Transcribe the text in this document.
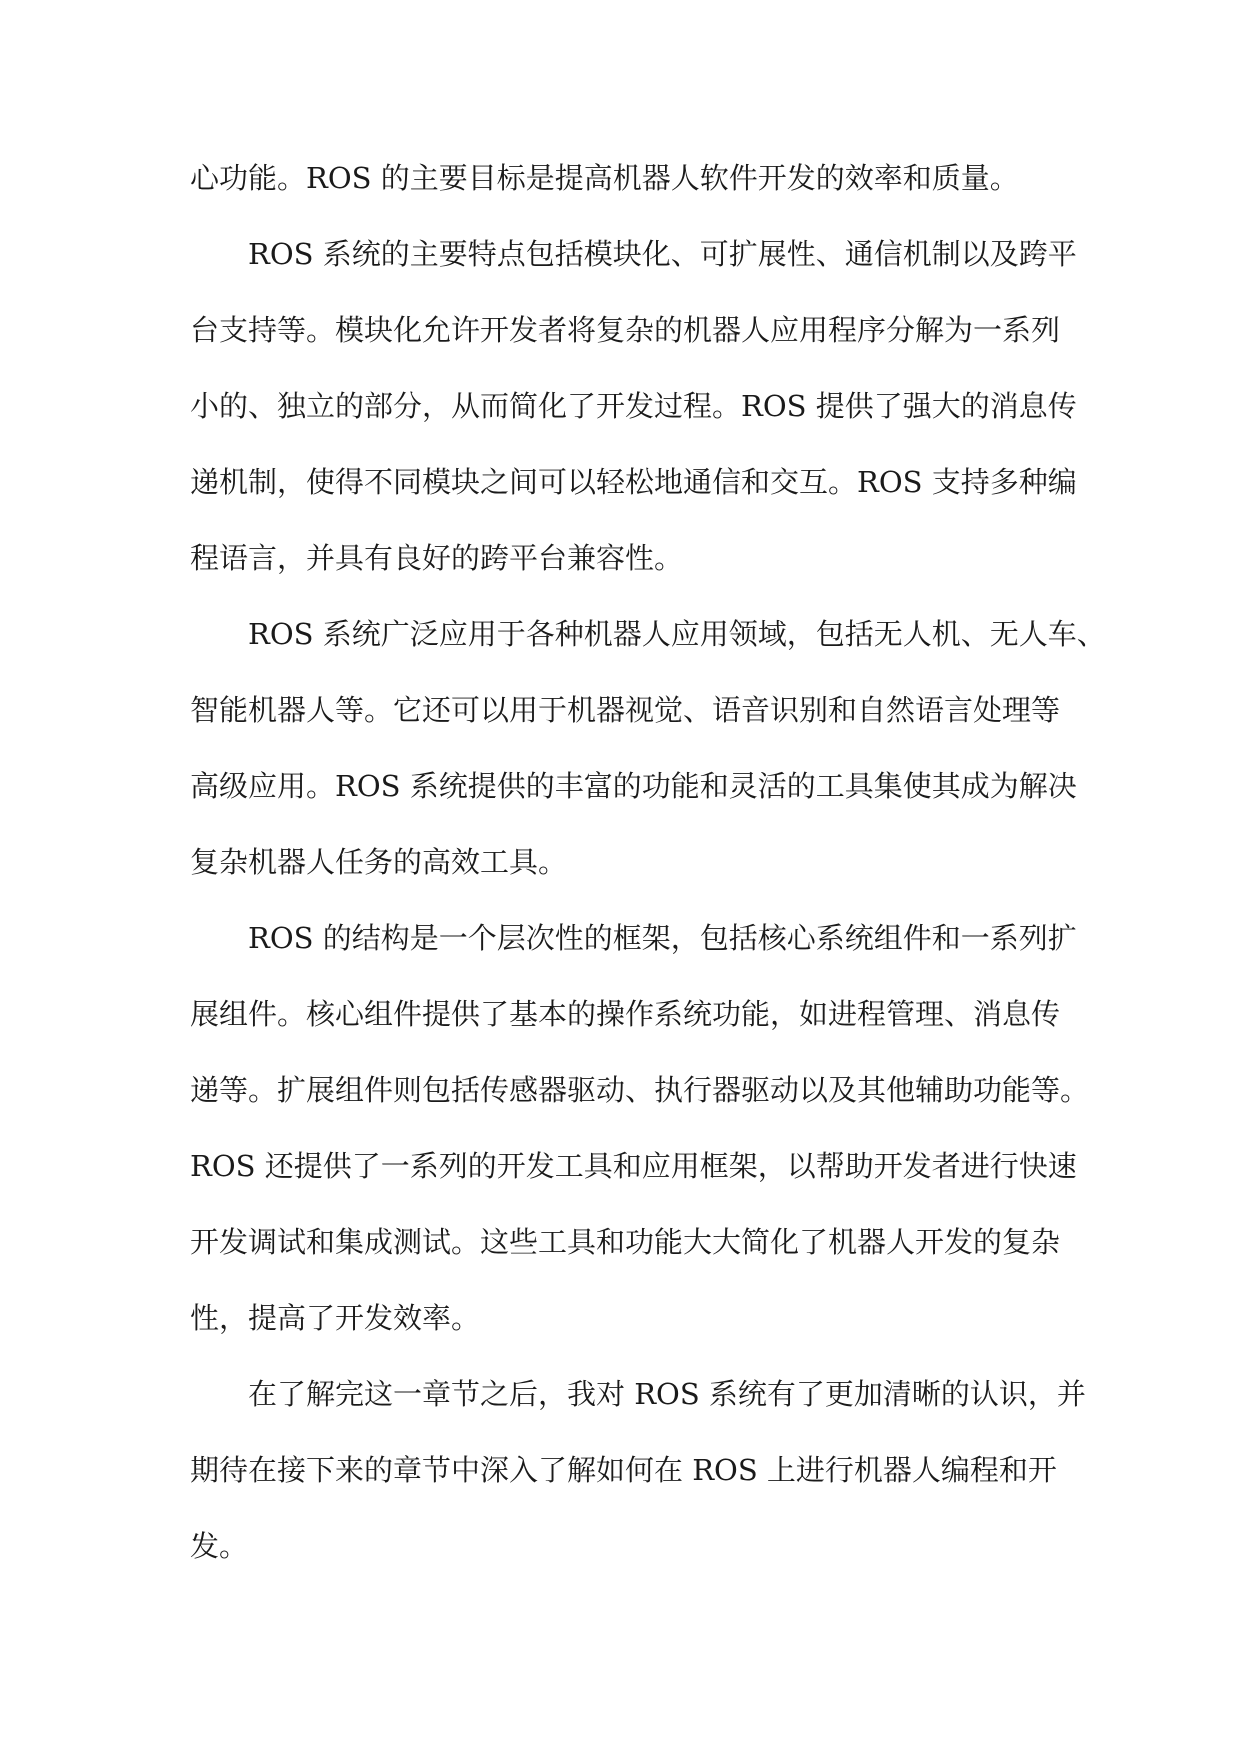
心功能。ROS 的主要目标是提高机器人软件开发的效率和质量。
ROS 系统的主要特点包括模块化、可扩展性、通信机制以及跨平
台支持等。模块化允许开发者将复杂的机器人应用程序分解为一系列
小的、独立的部分，从而简化了开发过程。ROS 提供了强大的消息传
递机制，使得不同模块之间可以轻松地通信和交互。ROS 支持多种编
程语言，并具有良好的跨平台兼容性。
ROS 系统广泛应用于各种机器人应用领域，包括无人机、无人车、
智能机器人等。它还可以用于机器视觉、语音识别和自然语言处理等
高级应用。ROS 系统提供的丰富的功能和灵活的工具集使其成为解决
复杂机器人任务的高效工具。
ROS 的结构是一个层次性的框架，包括核心系统组件和一系列扩
展组件。核心组件提供了基本的操作系统功能，如进程管理、消息传
递等。扩展组件则包括传感器驱动、执行器驱动以及其他辅助功能等。
ROS 还提供了一系列的开发工具和应用框架，以帮助开发者进行快速
开发调试和集成测试。这些工具和功能大大简化了机器人开发的复杂
性，提高了开发效率。
在了解完这一章节之后，我对 ROS 系统有了更加清晰的认识，并
期待在接下来的章节中深入了解如何在 ROS 上进行机器人编程和开
发。
